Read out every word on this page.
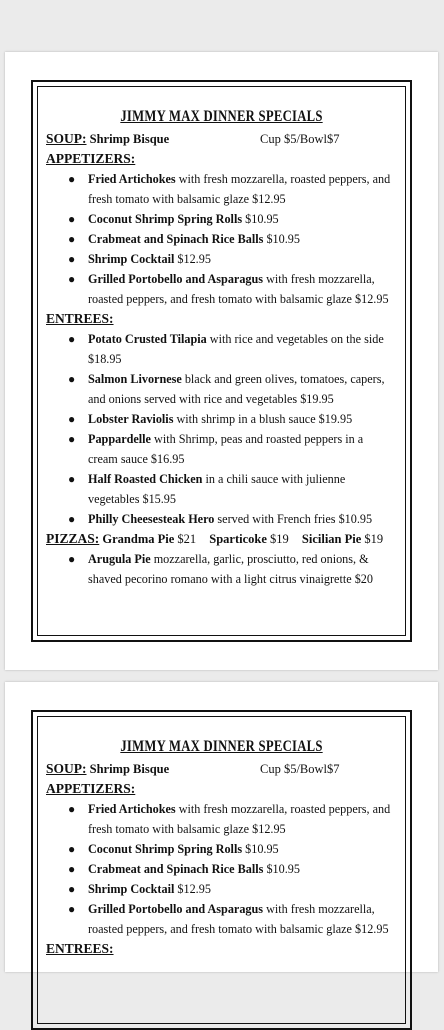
JIMMY MAX DINNER SPECIALS
SOUP: Shrimp Bisque	Cup $5/Bowl$7
APPETIZERS:
● Fried Artichokes with fresh mozzarella, roasted peppers, and fresh tomato with balsamic glaze $12.95
● Coconut Shrimp Spring Rolls $10.95
● Crabmeat and Spinach Rice Balls $10.95
● Shrimp Cocktail $12.95
● Grilled Portobello and Asparagus with fresh mozzarella, roasted peppers, and fresh tomato with balsamic glaze $12.95
ENTREES:
● Potato Crusted Tilapia with rice and vegetables on the side $18.95
● Salmon Livornese black and green olives, tomatoes, capers, and onions served with rice and vegetables $19.95
● Lobster Raviolis with shrimp in a blush sauce $19.95
● Pappardelle with Shrimp, peas and roasted peppers in a cream sauce $16.95
● Half Roasted Chicken in a chili sauce with julienne vegetables $15.95
● Philly Cheesesteak Hero served with French fries $10.95
PIZZAS: Grandma Pie $21 Sparticoke $19 Sicilian Pie $19
● Arugula Pie mozzarella, garlic, prosciutto, red onions, & shaved pecorino romano with a light citrus vinaigrette $20
JIMMY MAX DINNER SPECIALS
SOUP: Shrimp Bisque	Cup $5/Bowl$7
APPETIZERS:
● Fried Artichokes with fresh mozzarella, roasted peppers, and fresh tomato with balsamic glaze $12.95
● Coconut Shrimp Spring Rolls $10.95
● Crabmeat and Spinach Rice Balls $10.95
● Shrimp Cocktail $12.95
● Grilled Portobello and Asparagus with fresh mozzarella, roasted peppers, and fresh tomato with balsamic glaze $12.95
ENTREES:
